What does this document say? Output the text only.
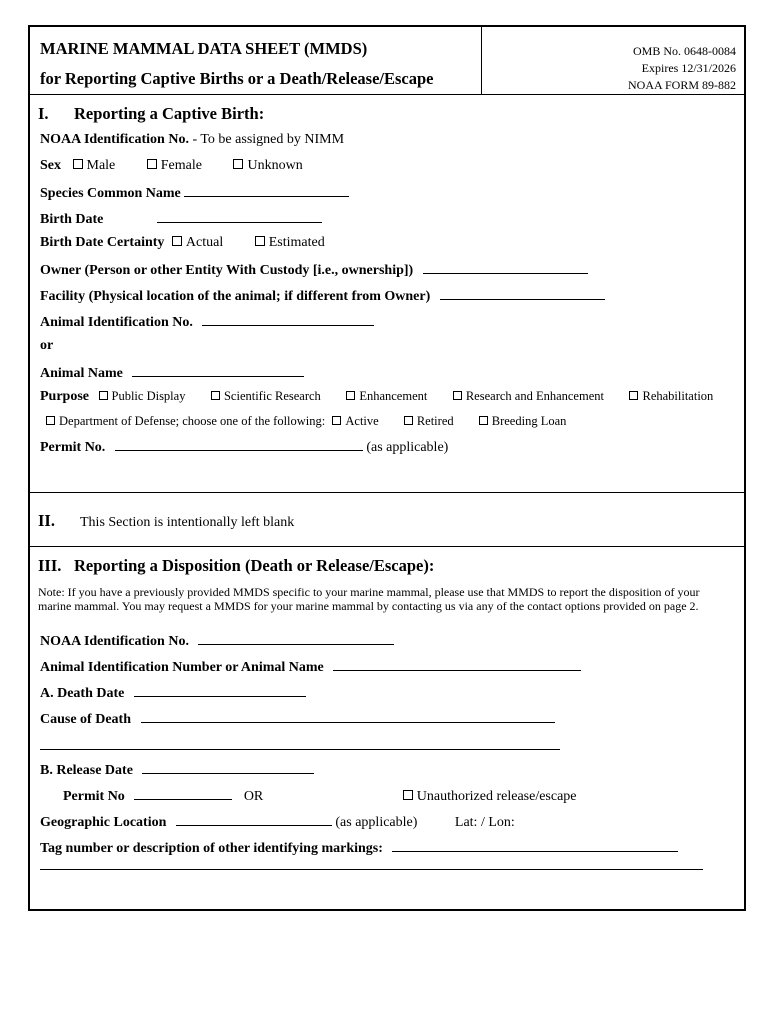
MARINE MAMMAL DATA SHEET (MMDS)
for Reporting Captive Births or a Death/Release/Escape
OMB No. 0648-0084
Expires 12/31/2026
NOAA FORM 89-882
I. Reporting a Captive Birth:
NOAA Identification No. - To be assigned by NIMM
Sex Male	Female	Unknown
Species Common Name
Birth Date
Birth Date Certainty Actual	Estimated
Owner (Person or other Entity With Custody [i.e., ownership])
Facility (Physical location of the animal; if different from Owner)
Animal Identification No.
or
Animal Name
Purpose Public Display	Scientific Research	Enhancement	Research and Enhancement	Rehabilitation
Department of Defense; choose one of the following: Active	Retired	Breeding Loan
Permit No.	(as applicable)
II. This Section is intentionally left blank
III. Reporting a Disposition (Death or Release/Escape):
Note: If you have a previously provided MMDS specific to your marine mammal, please use that MMDS to report the disposition of your
marine mammal. You may request a MMDS for your marine mammal by contacting us via any of the contact options provided on page 2.
NOAA Identification No.
Animal Identification Number or Animal Name
A. Death Date
Cause of Death
B. Release Date
Permit No	OR	Unauthorized release/escape
Geographic Location	(as applicable)	Lat: / Lon:
Tag number or description of other identifying markings:
